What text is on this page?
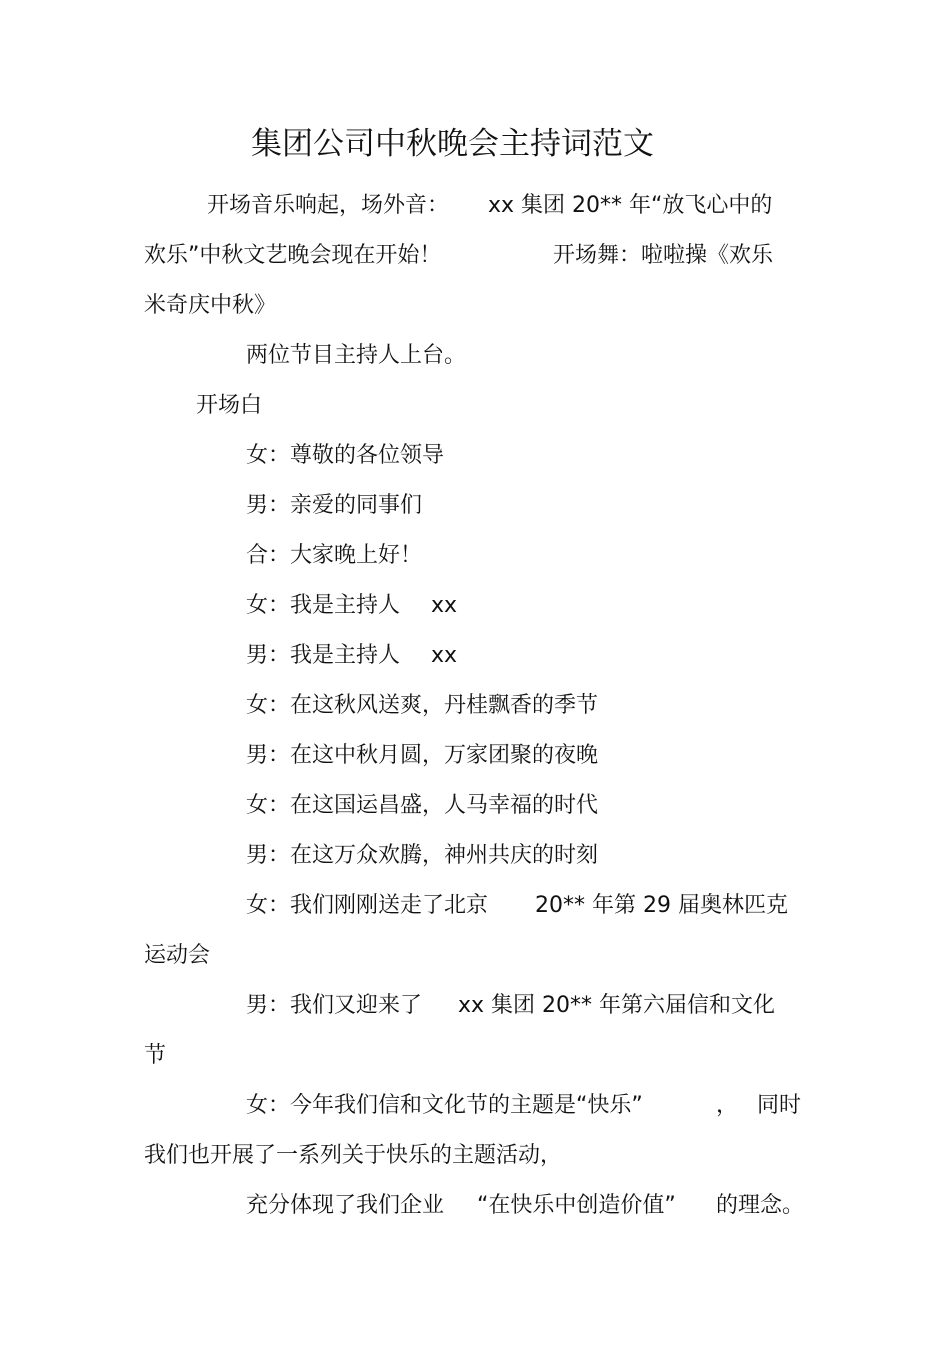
集团公司中秋晚会主持词范文
开场音乐响起，场外音： xx 集团 20** 年“放飞心中的
欢乐”中秋文艺晚会现在开始！	开场舞：啦啦操《欢乐
米奇庆中秋》
两位节目主持人上台。
开场白
女：尊敬的各位领导
男：亲爱的同事们
合：大家晚上好！
女：我是主持人 xx
男：我是主持人 xx
女：在这秋风送爽，丹桂飘香的季节
男：在这中秋月圆，万家团聚的夜晚
女：在这国运昌盛，人马幸福的时代
男：在这万众欢腾，神州共庆的时刻
女：我们刚刚送走了北京 20** 年第 29 届奥林匹克
运动会
男：我们又迎来了 xx 集团 20** 年第六届信和文化
节
女：今年我们信和文化节的主题是“快乐”	， 同时
我们也开展了一系列关于快乐的主题活动，
充分体现了我们企业 “在快乐中创造价值” 的理念。
